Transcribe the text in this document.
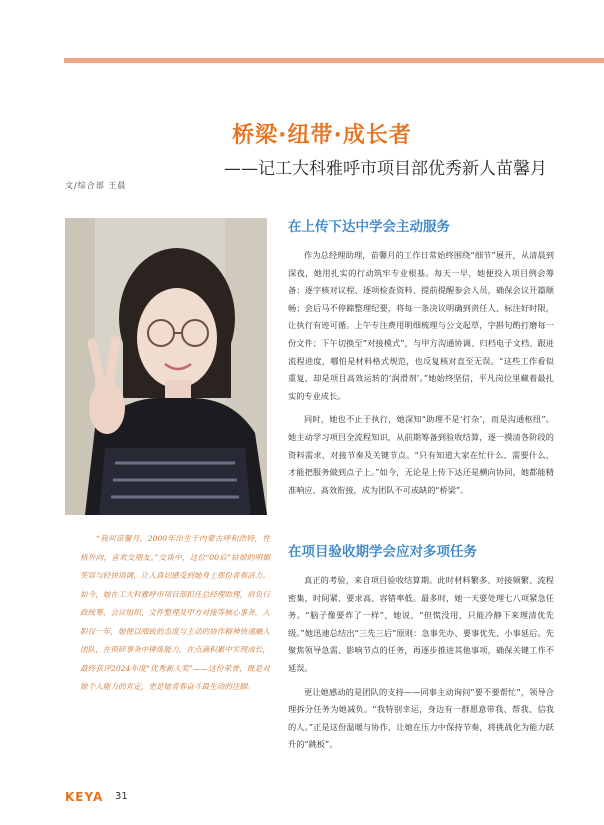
桥梁·纽带·成长者
——记工大科雅呼市项目部优秀新人苗馨月
文/综合部 王晨
“我叫苗馨月，2000年出生于内蒙古呼和浩特，性格外向，喜欢交朋友。”交谈中，这位“00后”姑娘的明媚笑容与轻快语调，让人真切感受到她身上那份青春活力。如今，她在工大科雅呼市项目部担任总经理助理，肩负行政统筹、会议组织、文件整理及甲方对接等核心事务。入职仅一年，她便以细致的态度与主动的协作精神快速融入团队，在琐碎事务中锤炼能力，在点滴积累中实现成长，最终获评2024年度“优秀新人奖”——这份荣誉，既是对她个人能力的肯定，更是她青春奋斗最生动的注脚。

在上传下达中学会主动服务

作为总经理助理，苗馨月的工作日常始终围绕“细节”展开，从清晨到深夜，她用扎实的行动筑牢专业根基。每天一早，她便投入项目例会筹备：逐字核对议程、逐项检查资料、提前提醒参会人员，确保会议开篇顺畅；会后马不停蹄整理纪要，将每一条决议明确到责任人、标注好时限，让执行有迹可循。上午专注费用明细梳理与公文起草，字斟句酌打磨每一份文件；下午切换至“对接模式”，与甲方沟通协调、归档电子文档、跟进流程进度，哪怕是材料格式规范，也反复核对直至无误。“这些工作看似重复，却是项目高效运转的‘润滑剂’。”她始终坚信，平凡岗位里藏着最扎实的专业成长。

同时，她也不止于执行，她深知“助理不是‘打杂’，而是沟通枢纽”。她主动学习项目全流程知识，从前期筹备到验收结算，逐一摸清各阶段的资料需求、对接节奏及关键节点。“只有知道大家在忙什么、需要什么，才能把服务做到点子上。”如今，无论是上传下达还是横向协同，她都能精准响应、高效衔接，成为团队不可或缺的“桥梁”。

在项目验收期学会应对多项任务

真正的考验，来自项目验收结算期。此时材料繁多、对接频繁、流程密集，时间紧、要求高、容错率低。最多时，她一天要处理七八项紧急任务。“脑子像要炸了一样”，她说，“但慌没用，只能冷静下来理清优先级。”她迅速总结出“三先三后”原则：急事先办、要事优先、小事延后。先聚焦领导急需、影响节点的任务，再逐步推进其他事项，确保关键工作不延误。

更让她感动的是团队的支持——同事主动询问“要不要帮忙”，领导合理拆分任务为她减负。“我特别幸运，身边有一群愿意带我、帮我、信我的人。”正是这份温暖与协作，让她在压力中保持节奏，将挑战化为能力跃升的“跳板”。

KEYA 31
